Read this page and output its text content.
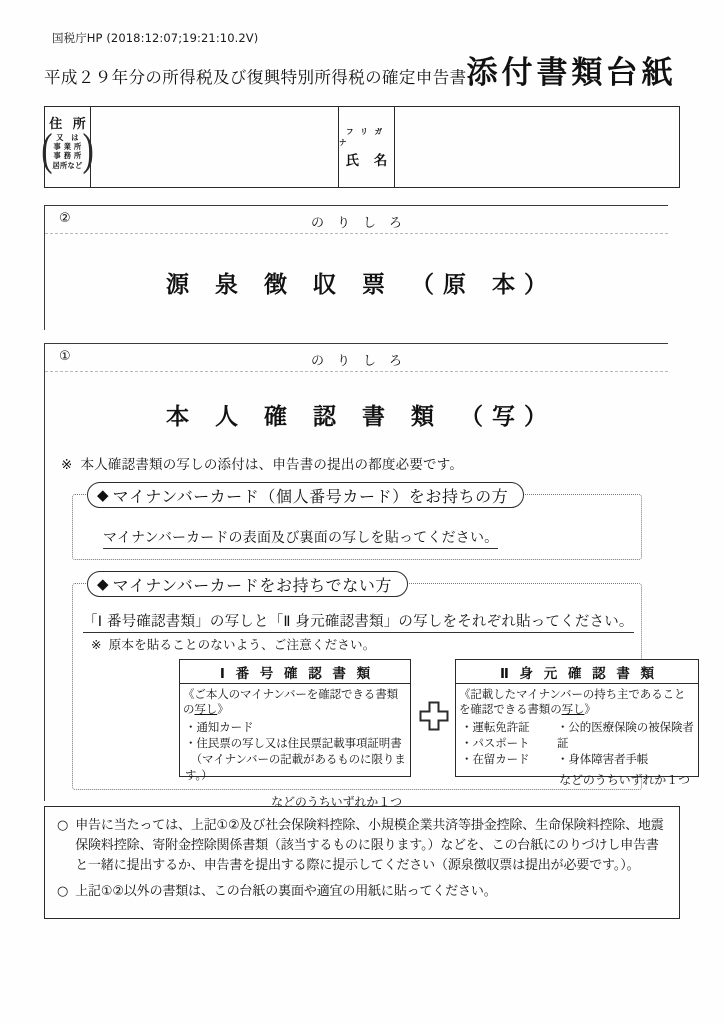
国税庁HP (2018:12:07;19:21:10.2V)
平成２９年分の所得税及び復興特別所得税の確定申告書 添付書類台紙
住 所
( 又　は
事 業 所
事 務 所
居所など )	フリガナ
氏 名
②	のりしろ
源 泉 徴 収 票 （原 本）
①	のりしろ
本 人 確 認 書 類 （写）
※ 本人確認書類の写しの添付は、申告書の提出の都度必要です。
◆ マイナンバーカード（個人番号カード）をお持ちの方
マイナンバーカードの表面及び裏面の写しを貼ってください。
◆ マイナンバーカードをお持ちでない方
「Ⅰ 番号確認書類」の写しと「Ⅱ 身元確認書類」の写しをそれぞれ貼ってください。
※ 原本を貼ることのないよう、ご注意ください。
Ⅰ 番 号 確 認 書 類
《ご本人のマイナンバーを確認できる書類の写し》
・通知カード
・住民票の写し又は住民票記載事項証明書
　（マイナンバーの記載があるものに限ります。）
などのうちいずれか１つ
Ⅱ 身 元 確 認 書 類
《記載したマイナンバーの持ち主であること
を確認できる書類の写し》
・運転免許証
・パスポート
・在留カード
・公的医療保険の被保険者証
・身体障害者手帳
などのうちいずれか１つ
○ 申告に当たっては、上記①②及び社会保険料控除、小規模企業共済等掛金控除、生命保険料控除、地震保険料控除、寄附金控除関係書類（該当するものに限ります。）などを、この台紙にのりづけし申告書と一緒に提出するか、申告書を提出する際に提示してください（源泉徴収票は提出が必要です。）。
○ 上記①②以外の書類は、この台紙の裏面や適宜の用紙に貼ってください。
